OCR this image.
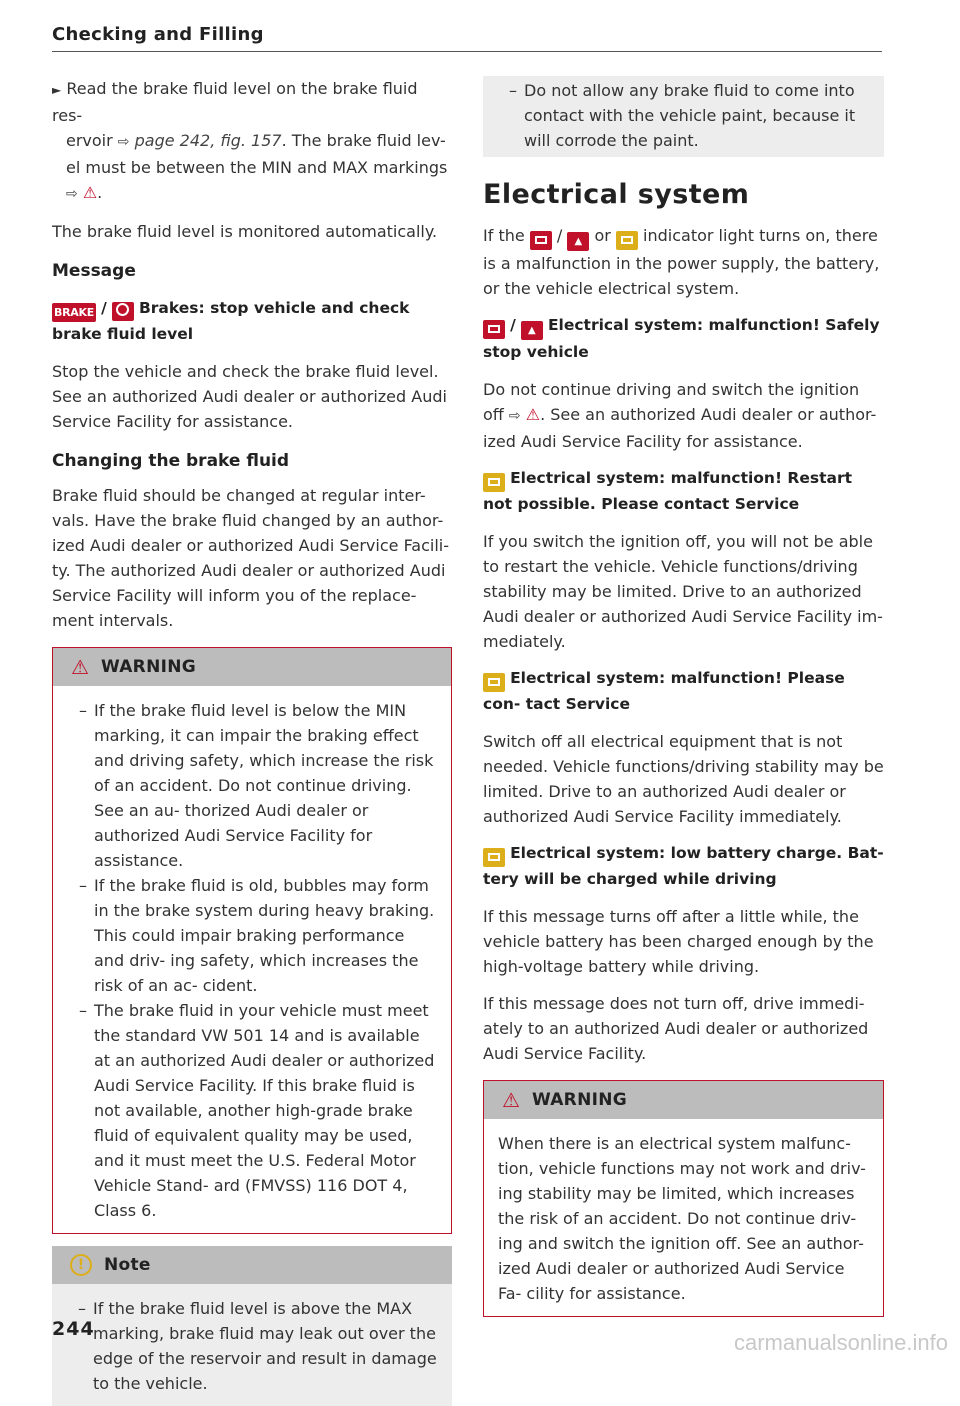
Checking and Filling

► Read the brake fluid level on the brake fluid res-

ervoir ⇨ page 242, fig. 157. The brake fluid lev-

el must be between the MIN and MAX markings

⇨ ⚠.

The brake fluid level is monitored automatically.

Message
BRAKE / Brakes: stop vehicle and check brake fluid level

Stop the vehicle and check the brake fluid level. See an authorized Audi dealer or authorized Audi Service Facility for assistance.

Changing the brake fluid

Brake fluid should be changed at regular inter- vals. Have the brake fluid changed by an author- ized Audi dealer or authorized Audi Service Facili- ty. The authorized Audi dealer or authorized Audi Service Facility will inform you of the replace- ment intervals.

⚠ WARNING
– If the brake fluid level is below the MIN marking, it can impair the braking effect and driving safety, which increase the risk of an accident. Do not continue driving. See an au- thorized Audi dealer or authorized Audi Service Facility for assistance.
– If the brake fluid is old, bubbles may form in the brake system during heavy braking. This could impair braking performance and driv- ing safety, which increases the risk of an ac- cident.
– The brake fluid in your vehicle must meet the standard VW 501 14 and is available at an authorized Audi dealer or authorized Audi Service Facility. If this brake fluid is not available, another high-grade brake fluid of equivalent quality may be used, and it must meet the U.S. Federal Motor Vehicle Stand- ard (FMVSS) 116 DOT 4, Class 6.
!	Note
– If the brake fluid level is above the MAX marking, brake fluid may leak out over the edge of the reservoir and result in damage to the vehicle.
– Do not allow any brake fluid to come into contact with the vehicle paint, because it will corrode the paint.
Electrical system

If the / ▲ or indicator light turns on, there is a malfunction in the power supply, the battery, or the vehicle electrical system.

/ ▲ Electrical system: malfunction! Safely stop vehicle

Do not continue driving and switch the ignition off ⇨ ⚠. See an authorized Audi dealer or author- ized Audi Service Facility for assistance.

Electrical system: malfunction! Restart not possible. Please contact Service

If you switch the ignition off, you will not be able to restart the vehicle. Vehicle functions/driving stability may be limited. Drive to an authorized Audi dealer or authorized Audi Service Facility im- mediately.

Electrical system: malfunction! Please con- tact Service

Switch off all electrical equipment that is not needed. Vehicle functions/driving stability may be limited. Drive to an authorized Audi dealer or authorized Audi Service Facility immediately.

Electrical system: low battery charge. Bat- tery will be charged while driving

If this message turns off after a little while, the vehicle battery has been charged enough by the high-voltage battery while driving.

If this message does not turn off, drive immedi- ately to an authorized Audi dealer or authorized Audi Service Facility.

⚠ WARNING

When there is an electrical system malfunc- tion, vehicle functions may not work and driv- ing stability may be limited, which increases the risk of an accident. Do not continue driv- ing and switch the ignition off. See an author- ized Audi dealer or authorized Audi Service Fa- cility for assistance.

244
carmanualsonline.info
